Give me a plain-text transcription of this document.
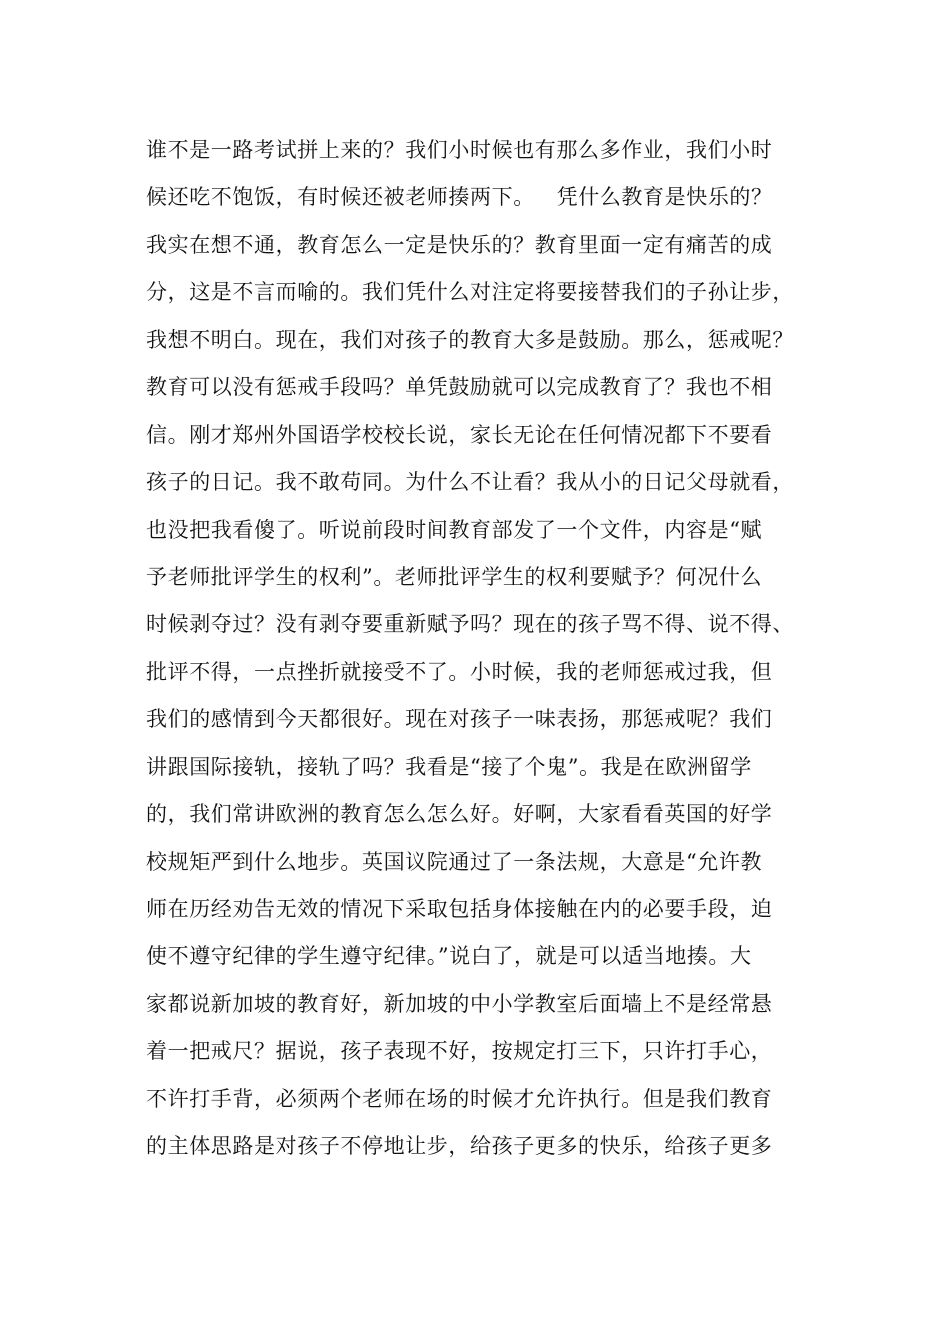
谁不是一路考试拼上来的？我们小时候也有那么多作业，我们小时
候还吃不饱饭，有时候还被老师揍两下。   凭什么教育是快乐的？
我实在想不通，教育怎么一定是快乐的？教育里面一定有痛苦的成
分，这是不言而喻的。我们凭什么对注定将要接替我们的子孙让步，
我想不明白。现在，我们对孩子的教育大多是鼓励。那么，惩戒呢？
教育可以没有惩戒手段吗？单凭鼓励就可以完成教育了？我也不相
信。刚才郑州外国语学校校长说，家长无论在任何情况都下不要看
孩子的日记。我不敢苟同。为什么不让看？我从小的日记父母就看，
也没把我看傻了。听说前段时间教育部发了一个文件，内容是“赋
予老师批评学生的权利”。老师批评学生的权利要赋予？何况什么
时候剥夺过？没有剥夺要重新赋予吗？现在的孩子骂不得、说不得、
批评不得，一点挫折就接受不了。小时候，我的老师惩戒过我，但
我们的感情到今天都很好。现在对孩子一味表扬，那惩戒呢？我们
讲跟国际接轨，接轨了吗？我看是“接了个鬼”。我是在欧洲留学
的，我们常讲欧洲的教育怎么怎么好。好啊，大家看看英国的好学
校规矩严到什么地步。英国议院通过了一条法规，大意是“允许教
师在历经劝告无效的情况下采取包括身体接触在内的必要手段，迫
使不遵守纪律的学生遵守纪律。”说白了，就是可以适当地揍。大
家都说新加坡的教育好，新加坡的中小学教室后面墙上不是经常悬
着一把戒尺？据说，孩子表现不好，按规定打三下，只许打手心，
不许打手背，必须两个老师在场的时候才允许执行。但是我们教育
的主体思路是对孩子不停地让步，给孩子更多的快乐，给孩子更多
